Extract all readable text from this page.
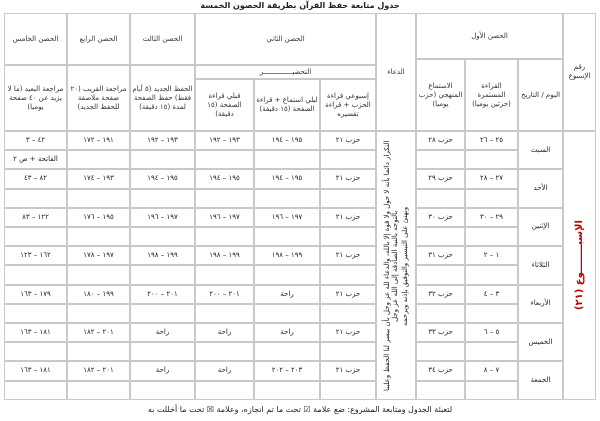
جدول متابعة حفظ القرآن بطريقة الحصون الخمسة
رقم الإسبوع
اليوم / التاريخ
الحصن الأول
القراءة المستمرة (جزئين يوميا)
الاستماع المنهجي (حزب يوميا)
الدعاء
الحصن الثاني
التحضيــــــــــــــر
إسبوعي قراءة الحزب + قراءة تفسيره
ليلي استماع + قراءة الصفحة (١٥ دقيقة)
قبلي قراءة الصفحة (١٥ دقيقة)
الحصن الثالث
الحفظ الجديد (٥ أيام فقط) حفظ الصفحة لمدة (١٥ دقيقة)
الحصن الرابع
مراجعة القريب (٢٠ صفحة ملاصقة للحفظ الجديد)
الحصن الخامس
مراجعة البعيد (ما لا يزيد عن ٤٠ صفحة يوميا)
الإسبــــــــوع (٢١)
التكرار دائما بأنه لا حول ولا قوة إلا بالله، والدعاء لله عز وجل بأن ييسر لنا الحفظ وعلينا بالتوجه بالنية الصادقة إلى الله عز وجل ونهنئ على التيسير والتوفيق بإذنه ويرحمه
السبت
٢٥ – ٢٦
حزب ٢٨
حزب ٢١
١٩٥ – ١٩٤
١٩٣ – ١٩٢
١٩٣ – ١٩٢
١٩١ – ١٧٢
الفاتحة + ص ٢
٤٢ – ٣
الأحد
٢٧ – ٢٨
حزب ٢٩
حزب ٢١
١٩٥ – ١٩٤
١٩٥ – ١٩٤
١٩٥ – ١٩٤
١٩٣ – ١٧٤
٨٢ – ٤٣
الإثنين
٢٩ – ٣٠
حزب ٣٠
حزب ٢١
١٩٧ – ١٩٦
١٩٧ – ١٩٦
١٩٧ – ١٩٦
١٩٥ – ١٧٦
١٢٢ – ٨٣
الثلاثاء
١ – ٢
حزب ٣١
حزب ٢١
١٩٩ – ١٩٨
١٩٩ – ١٩٨
١٩٩ – ١٩٨
١٩٧ – ١٧٨
١٦٢ – ١٢٣
الأربعاء
٣ – ٤
حزب ٣٢
حزب ٢١
راحة
٢٠١ – ٢٠٠
٢٠١ – ٢٠٠
١٩٩ – ١٨٠
١٧٩ – ١٦٣
الخميس
٥ – ٦
حزب ٣٣
حزب ٢١
راحة
راحة
راحة
٢٠١ – ١٨٢
١٨١ – ١٦٣
الجمعة
٧ – ٨
حزب ٣٤
حزب ٢١
٢٠٣ – ٢٠٢
راحة
راحة
٢٠١ – ١٨٢
١٨١ – ١٦٣
لتعبئة الجدول ومتابعة المشروع: ضع علامة ☑ تحت ما تم انجازه، وعلامة ☒ تحت ما أخللت به
